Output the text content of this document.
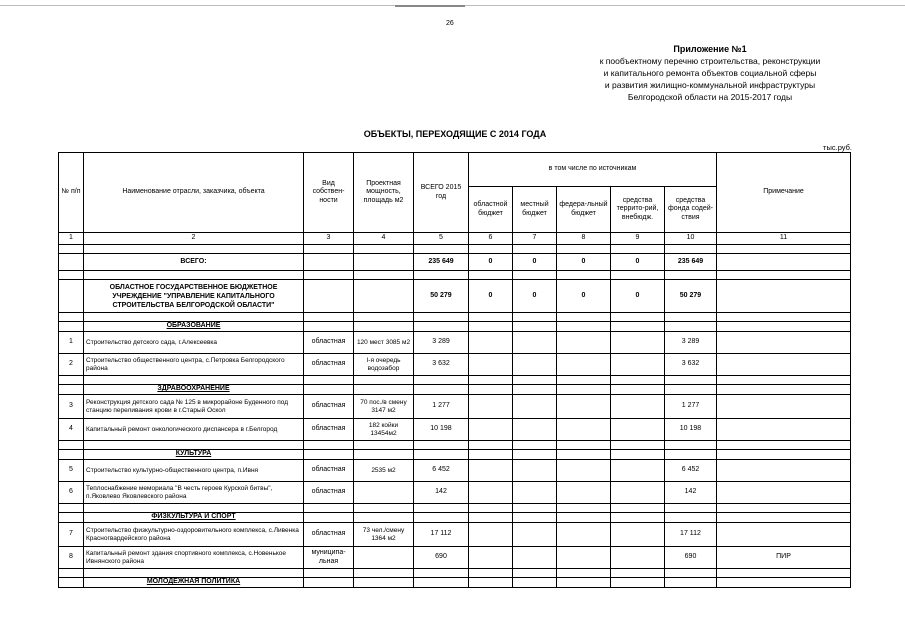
26
Приложение №1
к пообъектному перечню строительства, реконструкции
и капитального ремонта объектов социальной сферы
и развития жилищно-коммунальной инфраструктуры
Белгородской области на 2015-2017 годы
ОБЪЕКТЫ, ПЕРЕХОДЯЩИЕ С 2014 ГОДА
тыс.руб.
№ п/п	Наименование отрасли, заказчика, объекта	Вид собствен-ности	Проектная мощность, площадь м2	ВСЕГО 2015 год	в том числе по источникам					Примечание
					областной бюджет	местный бюджет	федера-льный бюджет	средства террито-рий, внебюдж.	средства фонда содей-ствия	
1	2	3	4	5	6	7	8	9	10	11

	ВСЕГО:			235 649	0	0	0	0	235 649	

	ОБЛАСТНОЕ ГОСУДАРСТВЕННОЕ БЮДЖЕТНОЕ УЧРЕЖДЕНИЕ "УПРАВЛЕНИЕ КАПИТАЛЬНОГО СТРОИТЕЛЬСТВА БЕЛГОРОДСКОЙ ОБЛАСТИ"			50 279	0	0	0	0	50 279	

	ОБРАЗОВАНИЕ									
1	Строительство детского сада, г.Алексеевка	областная	120 мест 3085 м2	3 289					3 289	
2	Строительство общественного центра, с.Петровка Белгородского района	областная	I-я очередь водозабор	3 632					3 632	

	ЗДРАВООХРАНЕНИЕ									
3	Реконструкция детского сада № 125 в микрорайоне Буденного под станцию переливания крови в г.Старый Оскол	областная	70 пос./в смену 3147 м2	1 277					1 277	
4	Капитальный ремонт онкологического диспансера в г.Белгород	областная	182 койки 13454м2	10 198					10 198	

	КУЛЬТУРА									
5	Строительство культурно-общественного центра, п.Ивня	областная	2535 м2	6 452					6 452	
6	Теплоснабжение мемориала "В честь героев Курской битвы", п.Яковлево Яковлевского района	областная		142					142	

	ФИЗКУЛЬТУРА И СПОРТ									
7	Строительство физкультурно-оздоровительного комплекса, с.Ливенка Красногвардейского района	областная	73 чел./смену 1364 м2	17 112					17 112	
8	Капитальный ремонт здания спортивного комплекса, с.Новенькое Ивнянского района	муниципа-льная		690					690	ПИР

	МОЛОДЕЖНАЯ ПОЛИТИКА									
